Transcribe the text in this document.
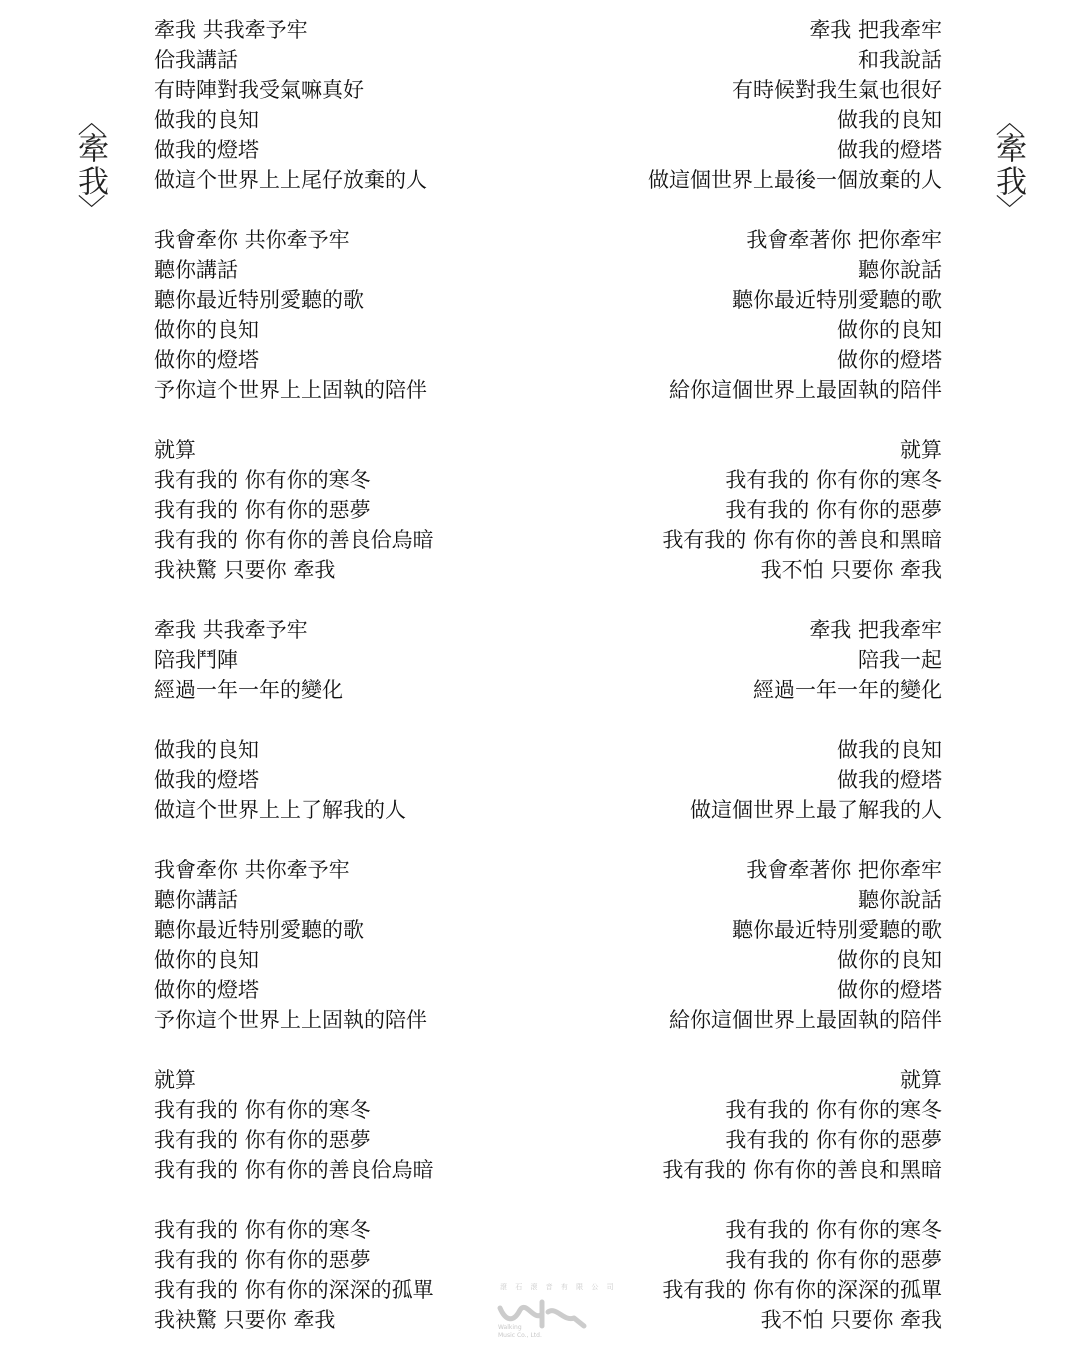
〈
牽我
〉
〈
牽我
〉
牽我 共我牽予牢
佮我講話
有時陣對我受氣嘛真好
做我的良知
做我的燈塔
做這个世界上上尾仔放棄的人
我會牽你 共你牽予牢
聽你講話
聽你最近特別愛聽的歌
做你的良知
做你的燈塔
予你這个世界上上固執的陪伴
就算
我有我的 你有你的寒冬
我有我的 你有你的惡夢
我有我的 你有你的善良佮烏暗
我袂驚 只要你 牽我
牽我 共我牽予牢
陪我鬥陣
經過一年一年的變化
做我的良知
做我的燈塔
做這个世界上上了解我的人
我會牽你 共你牽予牢
聽你講話
聽你最近特別愛聽的歌
做你的良知
做你的燈塔
予你這个世界上上固執的陪伴
就算
我有我的 你有你的寒冬
我有我的 你有你的惡夢
我有我的 你有你的善良佮烏暗
我有我的 你有你的寒冬
我有我的 你有你的惡夢
我有我的 你有你的深深的孤單
我袂驚 只要你 牽我
牽我 把我牽牢
和我說話
有時候對我生氣也很好
做我的良知
做我的燈塔
做這個世界上最後一個放棄的人
我會牽著你 把你牽牢
聽你說話
聽你最近特別愛聽的歌
做你的良知
做你的燈塔
給你這個世界上最固執的陪伴
就算
我有我的 你有你的寒冬
我有我的 你有你的惡夢
我有我的 你有你的善良和黑暗
我不怕 只要你 牽我
牽我 把我牽牢
陪我一起
經過一年一年的變化
做我的良知
做我的燈塔
做這個世界上最了解我的人
我會牽著你 把你牽牢
聽你說話
聽你最近特別愛聽的歌
做你的良知
做你的燈塔
給你這個世界上最固執的陪伴
就算
我有我的 你有你的寒冬
我有我的 你有你的惡夢
我有我的 你有你的善良和黑暗
我有我的 你有你的寒冬
我有我的 你有你的惡夢
我有我的 你有你的深深的孤單
我不怕 只要你 牽我
滾 石 滾 音 有 限 公 司
Walking
Music Co., Ltd.
